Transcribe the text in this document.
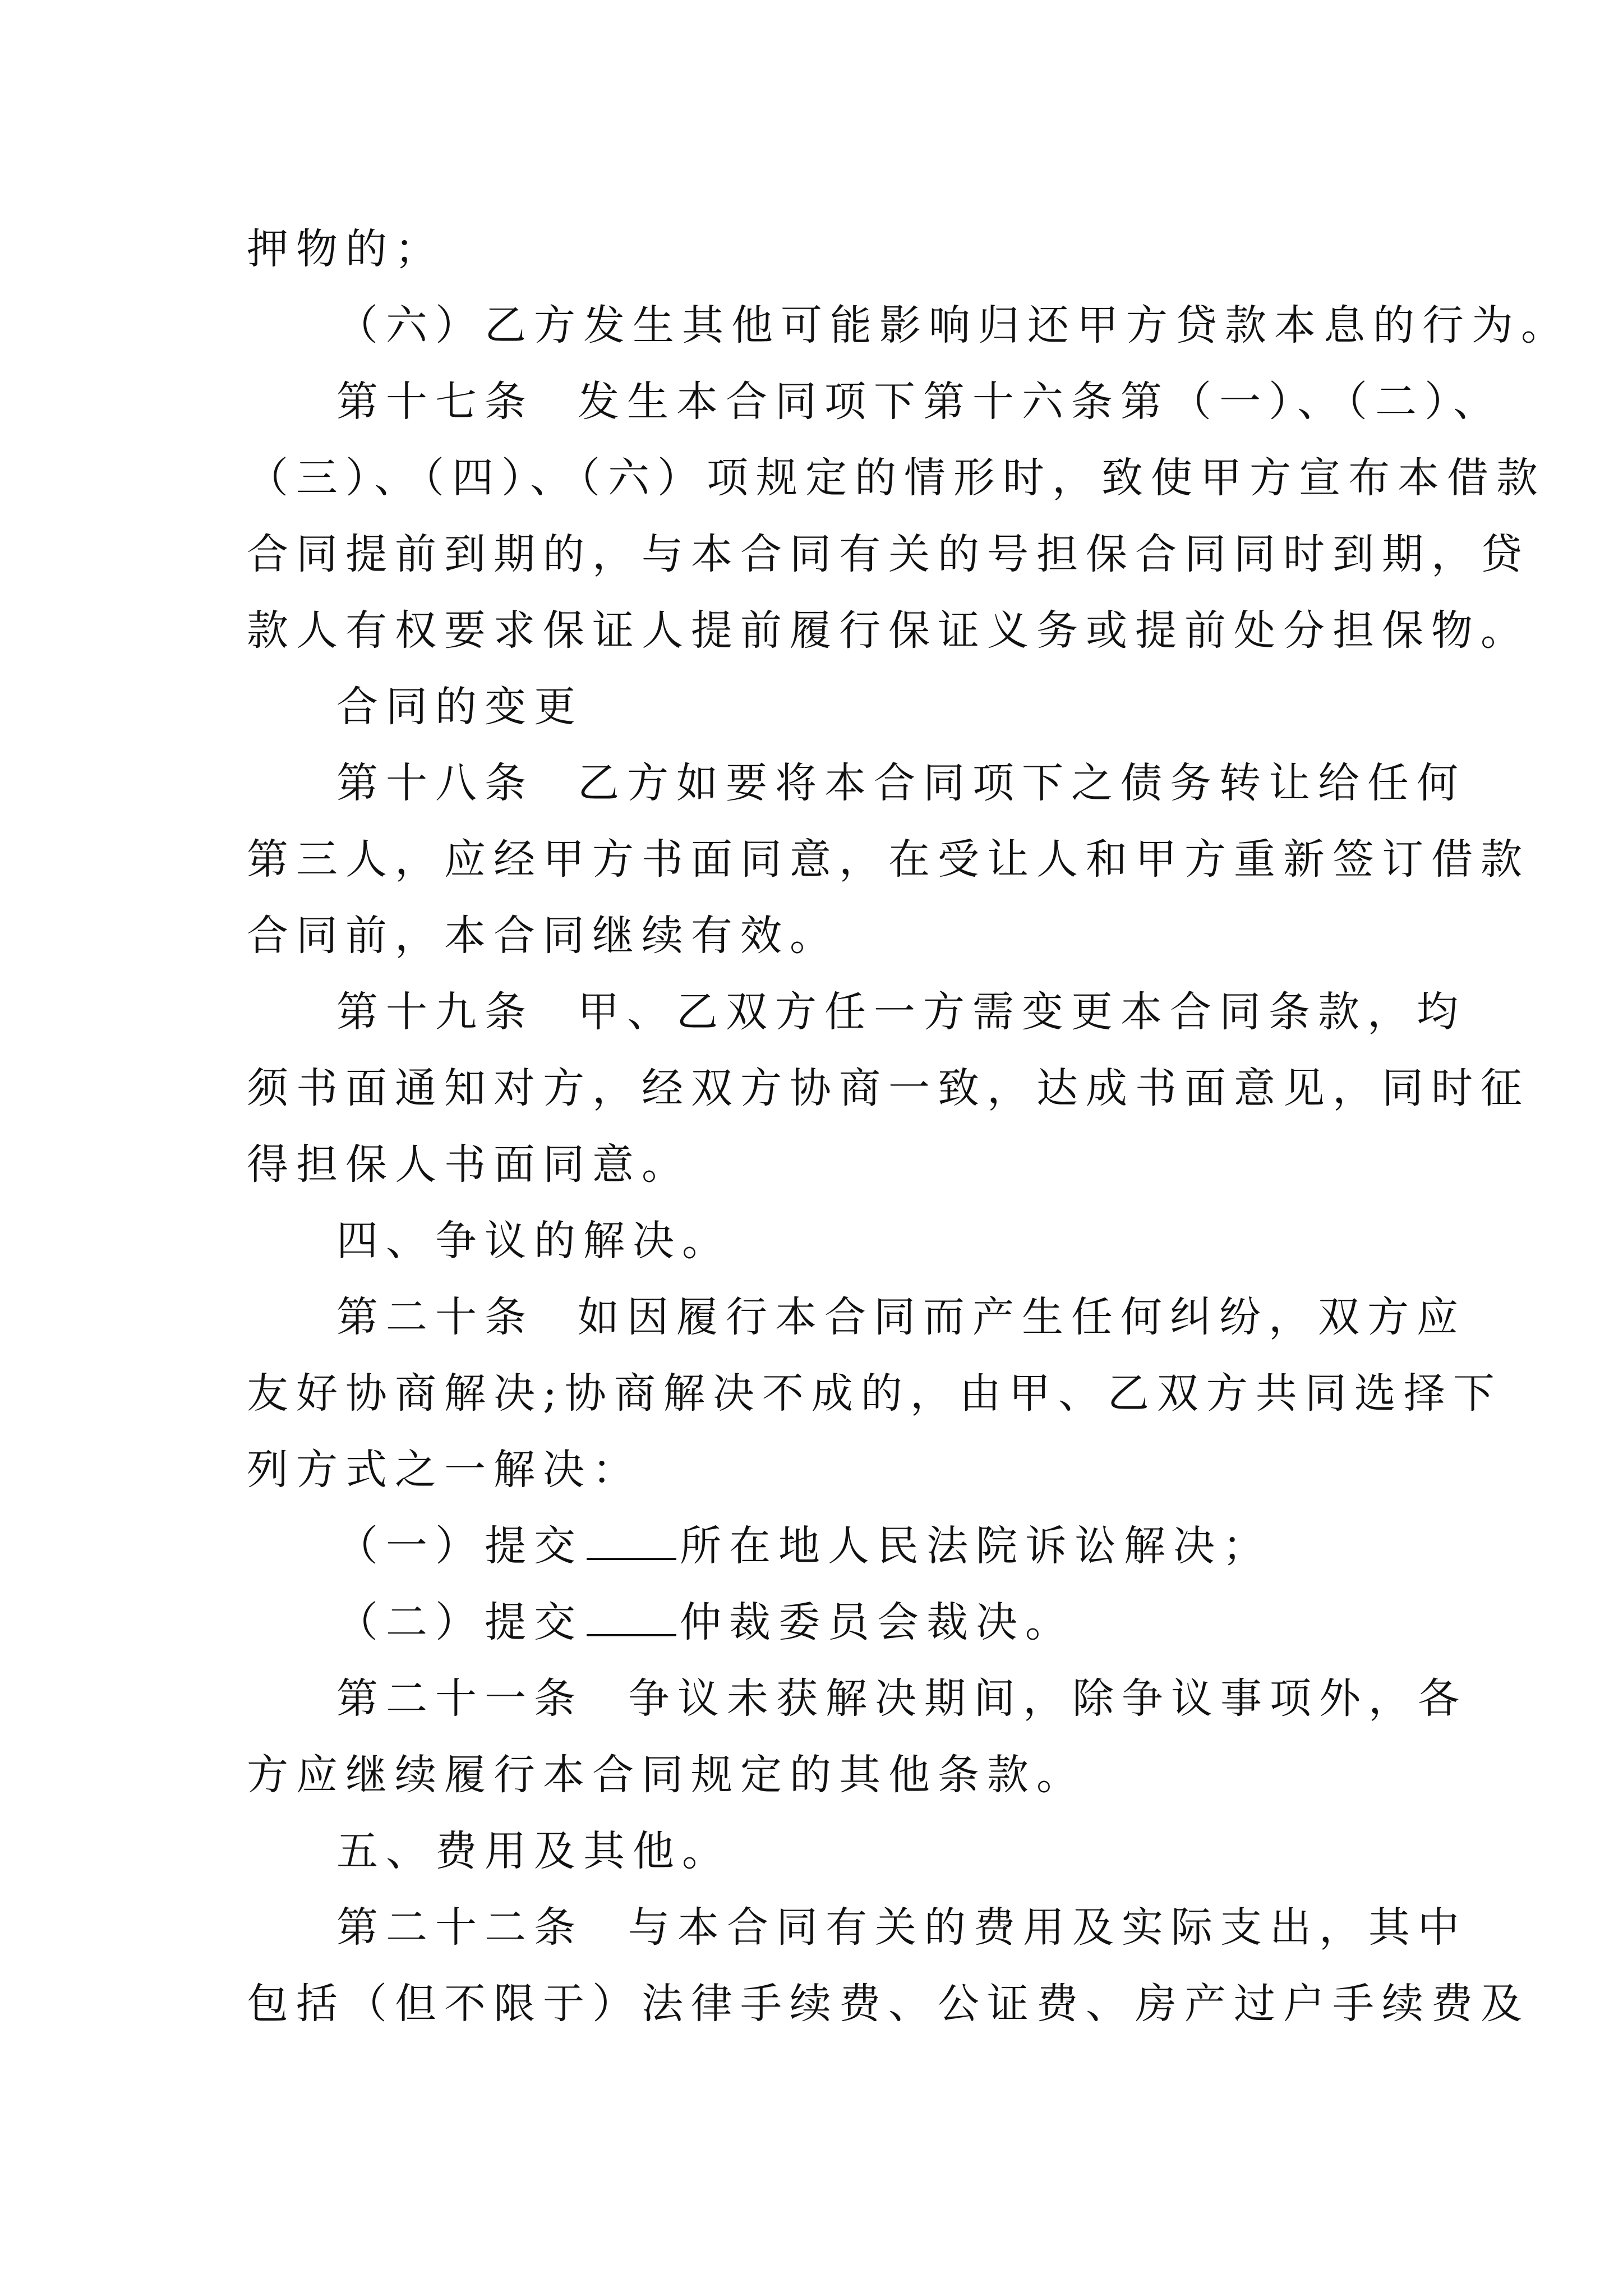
押物的；
（六）乙方发生其他可能影响归还甲方贷款本息的行为。
第十七条 发生本合同项下第十六条第（一）、（二）、
（三）、（四）、（六）项规定的情形时，致使甲方宣布本借款
合同提前到期的，与本合同有关的号担保合同同时到期，贷
款人有权要求保证人提前履行保证义务或提前处分担保物。
合同的变更
第十八条 乙方如要将本合同项下之债务转让给任何
第三人，应经甲方书面同意，在受让人和甲方重新签订借款
合同前，本合同继续有效。
第十九条 甲、乙双方任一方需变更本合同条款，均
须书面通知对方，经双方协商一致，达成书面意见，同时征
得担保人书面同意。
四、争议的解决。
第二十条 如因履行本合同而产生任何纠纷，双方应
友好协商解决;协商解决不成的，由甲、乙双方共同选择下
列方式之一解决：
（一）提交 所在地人民法院诉讼解决；
（二）提交 仲裁委员会裁决。
第二十一条 争议未获解决期间，除争议事项外，各
方应继续履行本合同规定的其他条款。
五、费用及其他。
第二十二条 与本合同有关的费用及实际支出，其中
包括（但不限于）法律手续费、公证费、房产过户手续费及
